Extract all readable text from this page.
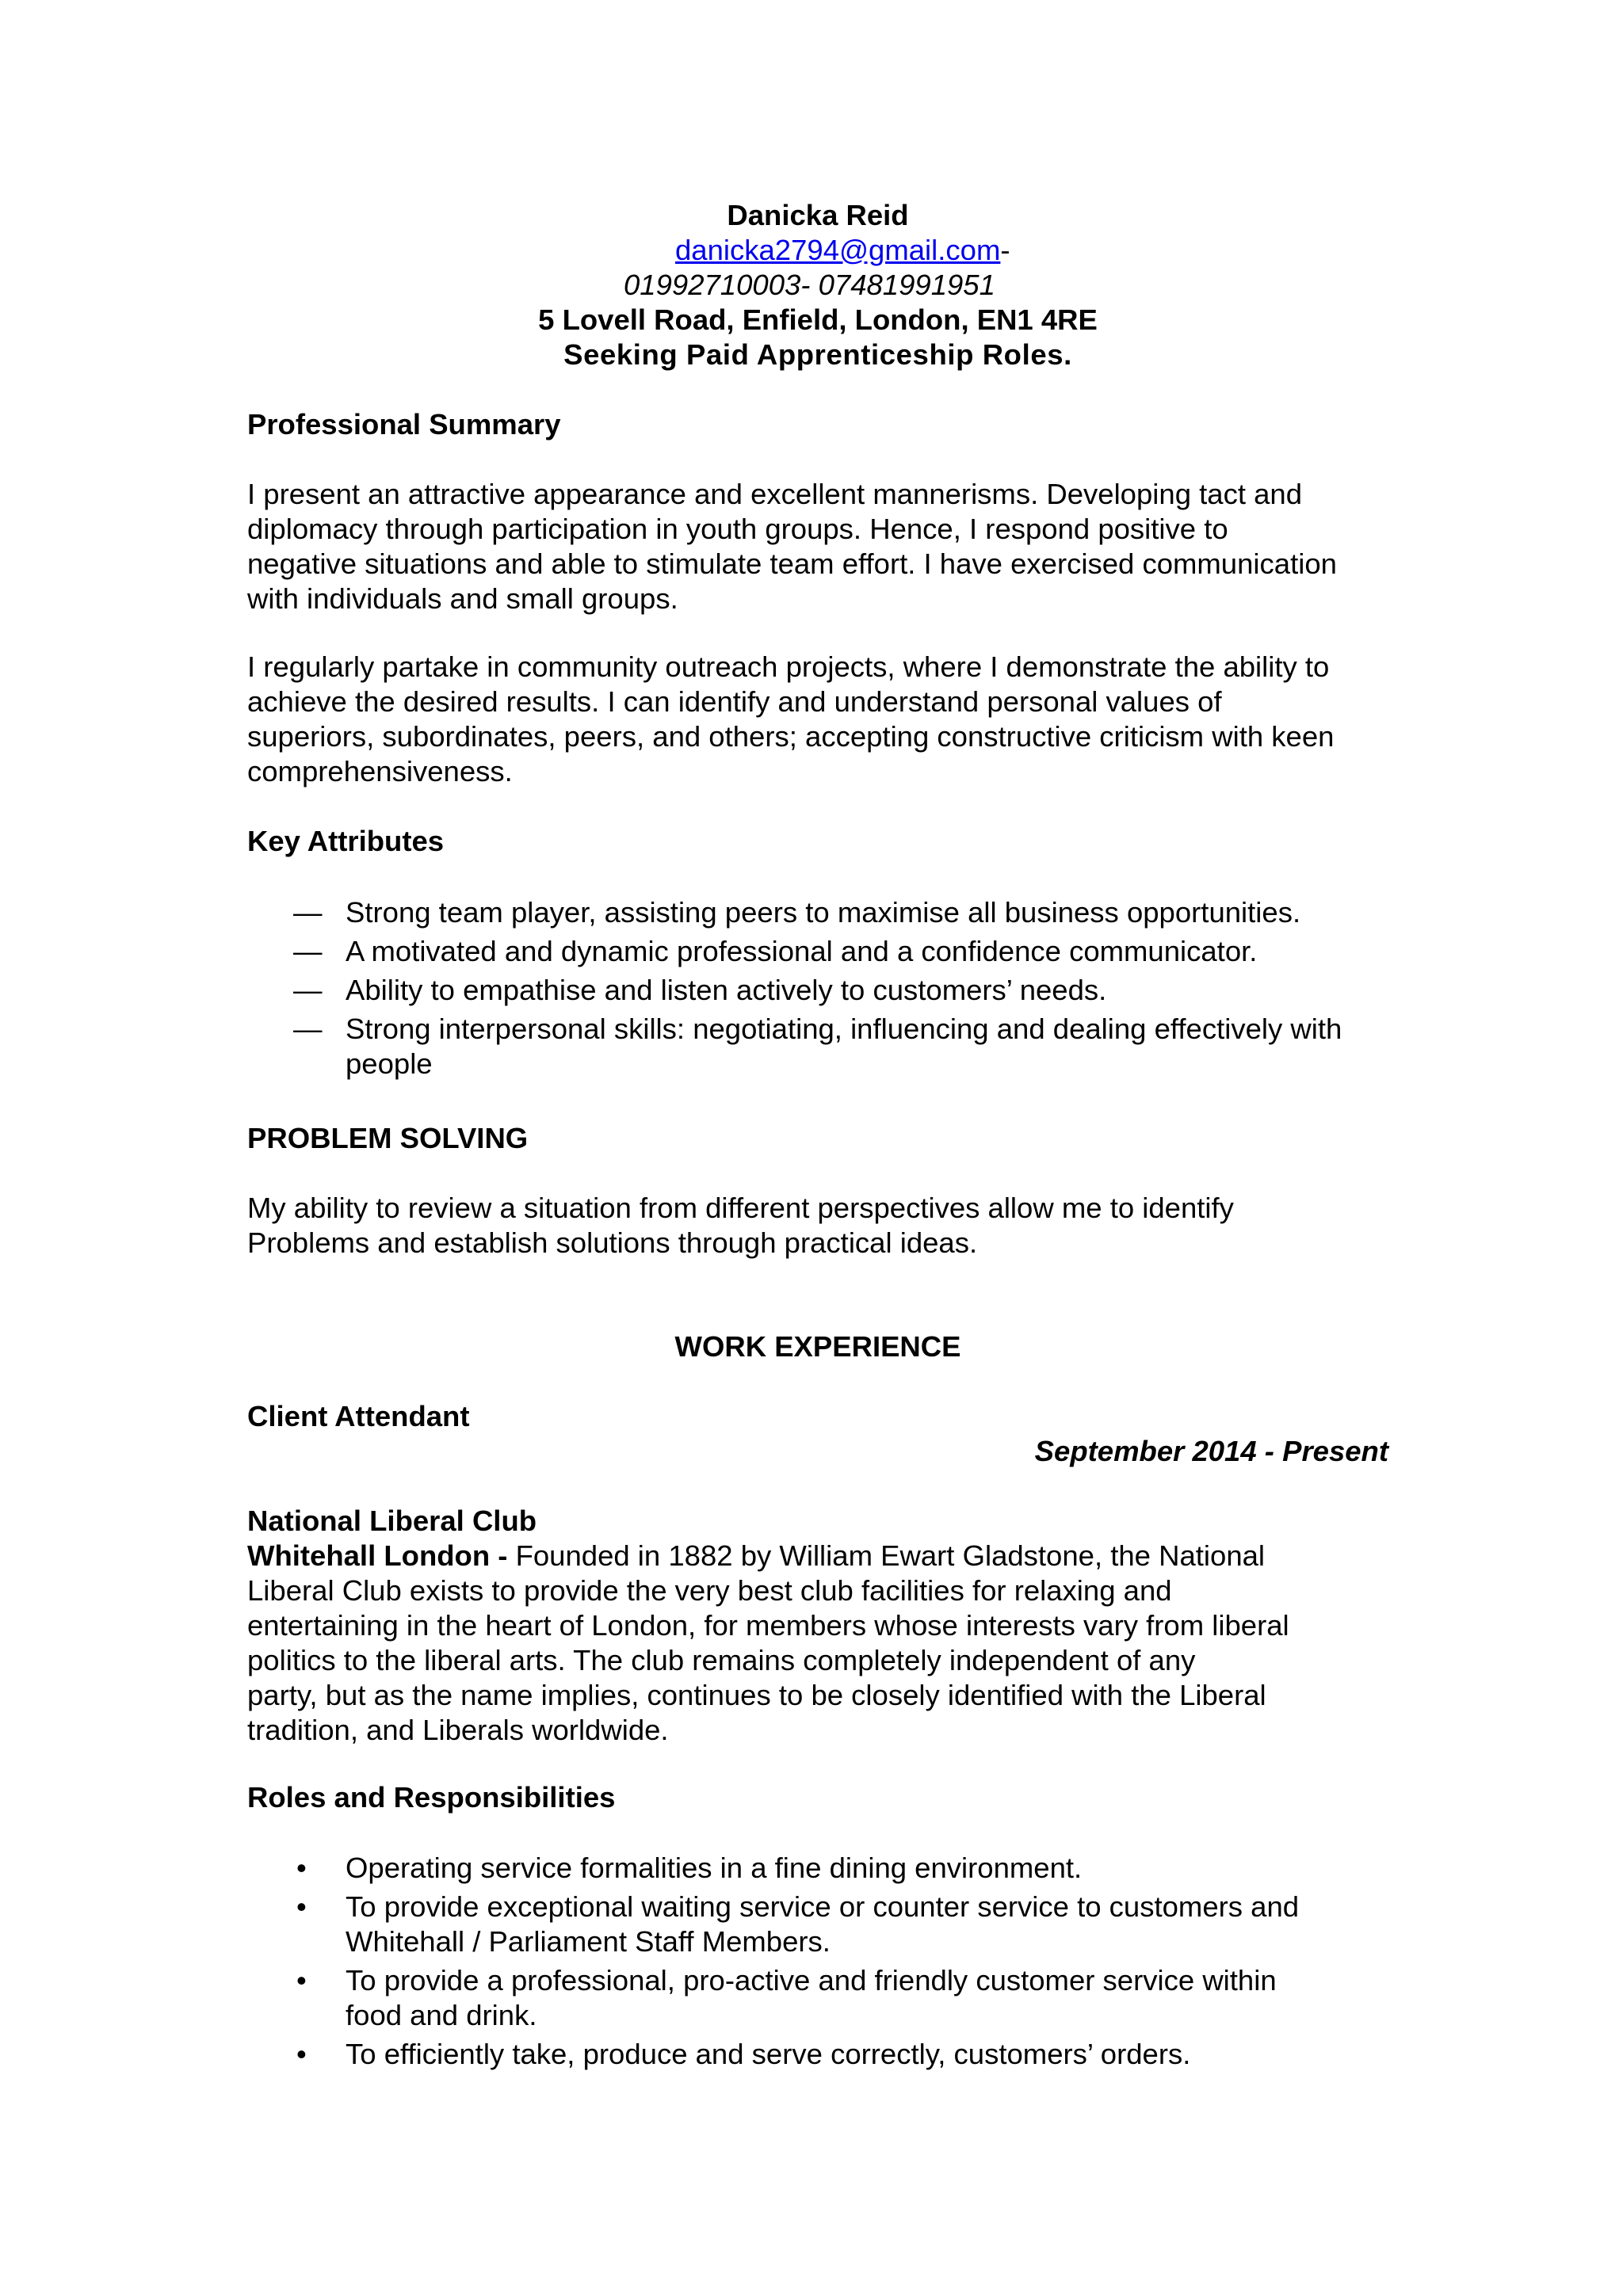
Danicka Reid
danicka2794@gmail.com-
01992710003- 07481991951
5 Lovell Road, Enfield, London, EN1 4RE
Seeking Paid Apprenticeship Roles.
Professional Summary

I present an attractive appearance and excellent mannerisms. Developing tact and

diplomacy through participation in youth groups. Hence, I respond positive to

negative situations and able to stimulate team effort. I have exercised communication

with individuals and small groups.

I regularly partake in community outreach projects, where I demonstrate the ability to

achieve the desired results. I can identify and understand personal values of

superiors, subordinates, peers, and others; accepting constructive criticism with keen

comprehensiveness.

Key Attributes
— Strong team player, assisting peers to maximise all business opportunities.
— A motivated and dynamic professional and a confidence communicator.
— Ability to empathise and listen actively to customers’ needs.
— Strong interpersonal skills: negotiating, influencing and dealing effectively with people
PROBLEM SOLVING

My ability to review a situation from different perspectives allow me to identify

Problems and establish solutions through practical ideas.

WORK EXPERIENCE
Client Attendant
September 2014 - Present
National Liberal Club

Whitehall London - Founded in 1882 by William Ewart Gladstone, the National

Liberal Club exists to provide the very best club facilities for relaxing and

entertaining in the heart of London, for members whose interests vary from liberal

politics to the liberal arts. The club remains completely independent of any

party, but as the name implies, continues to be closely identified with the Liberal

tradition, and Liberals worldwide.

Roles and Responsibilities
• Operating service formalities in a fine dining environment.
• To provide exceptional waiting service or counter service to customers and Whitehall / Parliament Staff Members.
• To provide a professional, pro-active and friendly customer service within food and drink.
• To efficiently take, produce and serve correctly, customers’ orders.
